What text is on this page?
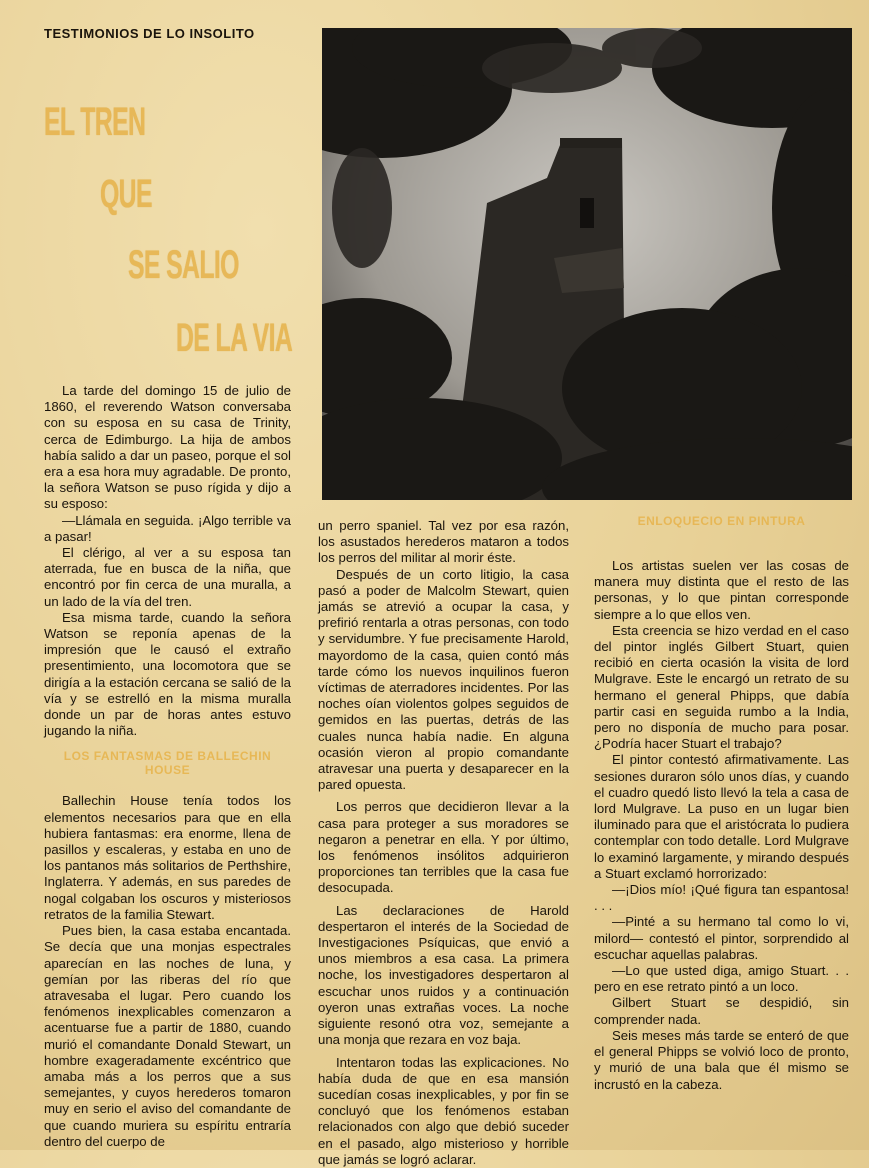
TESTIMONIOS DE LO INSOLITO
EL TREN
QUE
SE SALIO
DE LA VIA

La tarde del domingo 15 de julio de 1860, el reverendo Watson conversaba con su esposa en su casa de Trinity, cerca de Edimburgo. La hija de ambos había salido a dar un paseo, porque el sol era a esa hora muy agradable. De pronto, la señora Watson se puso rígida y dijo a su esposo:

—Llámala en seguida. ¡Algo terrible va a pasar!

El clérigo, al ver a su esposa tan aterrada, fue en busca de la niña, que encontró por fin cerca de una muralla, a un lado de la vía del tren.

Esa misma tarde, cuando la señora Watson se reponía apenas de la impresión que le causó el extraño presentimiento, una locomotora que se dirigía a la estación cercana se salió de la vía y se estrelló en la misma muralla donde un par de horas antes estuvo jugando la niña.

LOS FANTASMAS DE BALLECHIN HOUSE

Ballechin House tenía todos los elementos necesarios para que en ella hubiera fantasmas: era enorme, llena de pasillos y escaleras, y estaba en uno de los pantanos más solitarios de Perthshire, Inglaterra. Y además, en sus paredes de nogal colgaban los oscuros y misteriosos retratos de la familia Stewart.

Pues bien, la casa estaba encantada. Se decía que una monjas espectrales aparecían en las noches de luna, y gemían por las riberas del río que atravesaba el lugar. Pero cuando los fenómenos inexplicables comenzaron a acentuarse fue a partir de 1880, cuando murió el comandante Donald Stewart, un hombre exageradamente excéntrico que amaba más a los perros que a sus semejantes, y cuyos herederos tomaron muy en serio el aviso del comandante de que cuando muriera su espíritu entraría dentro del cuerpo de

un perro spaniel. Tal vez por esa razón, los asustados herederos mataron a todos los perros del militar al morir éste.

Después de un corto litigio, la casa pasó a poder de Malcolm Stewart, quien jamás se atrevió a ocupar la casa, y prefirió rentarla a otras personas, con todo y servidumbre. Y fue precisamente Harold, mayordomo de la casa, quien contó más tarde cómo los nuevos inquilinos fueron víctimas de aterradores incidentes. Por las noches oían violentos golpes seguidos de gemidos en las puertas, detrás de las cuales nunca había nadie. En alguna ocasión vieron al propio comandante atravesar una puerta y desaparecer en la pared opuesta.

Los perros que decidieron llevar a la casa para proteger a sus moradores se negaron a penetrar en ella. Y por último, los fenómenos insólitos adquirieron proporciones tan terribles que la casa fue desocupada.

Las declaraciones de Harold despertaron el interés de la Sociedad de Investigaciones Psíquicas, que envió a unos miembros a esa casa. La primera noche, los investigadores despertaron al escuchar unos ruidos y a continuación oyeron unas extrañas voces. La noche siguiente resonó otra voz, semejante a una monja que rezara en voz baja.

Intentaron todas las explicaciones. No había duda de que en esa mansión sucedían cosas inexplicables, y por fin se concluyó que los fenómenos estaban relacionados con algo que debió suceder en el pasado, algo misterioso y horrible que jamás se logró aclarar.

ENLOQUECIO EN PINTURA

Los artistas suelen ver las cosas de manera muy distinta que el resto de las personas, y lo que pintan corresponde siempre a lo que ellos ven.

Esta creencia se hizo verdad en el caso del pintor inglés Gilbert Stuart, quien recibió en cierta ocasión la visita de lord Mulgrave. Este le encargó un retrato de su hermano el general Phipps, que dabía partir casi en seguida rumbo a la India, pero no disponía de mucho para posar. ¿Podría hacer Stuart el trabajo?

El pintor contestó afirmativamente. Las sesiones duraron sólo unos días, y cuando el cuadro quedó listo llevó la tela a casa de lord Mulgrave. La puso en un lugar bien iluminado para que el aristócrata lo pudiera contemplar con todo detalle. Lord Mulgrave lo examinó largamente, y mirando después a Stuart exclamó horrorizado:

—¡Dios mío! ¡Qué figura tan espantosa! . . .

—Pinté a su hermano tal como lo vi, milord— contestó el pintor, sorprendido al escuchar aquellas palabras.

—Lo que usted diga, amigo Stuart. . . pero en ese retrato pintó a un loco.

Gilbert Stuart se despidió, sin comprender nada.

Seis meses más tarde se enteró de que el general Phipps se volvió loco de pronto, y murió de una bala que él mismo se incrustó en la cabeza.
